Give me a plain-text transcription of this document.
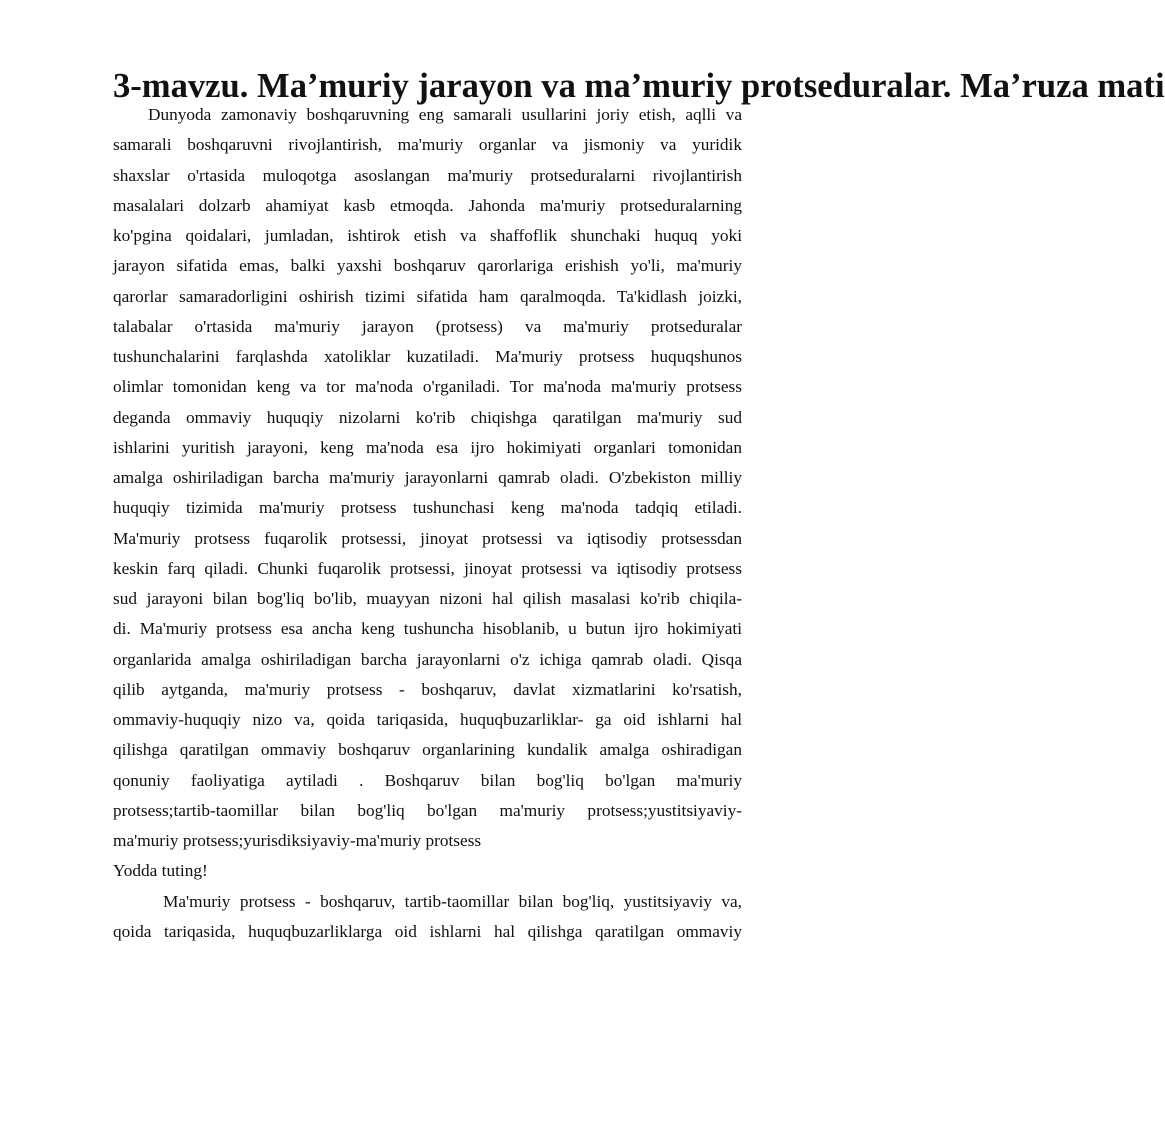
3-mavzu. Ma’muriy jarayon va ma’muriy protseduralar. Ma’ruza mati
Dunyoda zamonaviy boshqaruvning eng samarali usullarini joriy etish, aqlli va
samarali boshqaruvni rivojlantirish, ma'muriy organlar va jismoniy va yuridik
shaxslar o'rtasida muloqotga asoslangan ma'muriy protseduralarni rivojlantirish
masalalari dolzarb ahamiyat kasb etmoqda. Jahonda ma'muriy protseduralarning
ko'pgina qoidalari, jumladan, ishtirok etish va shaffoflik shunchaki huquq yoki
jarayon sifatida emas, balki yaxshi boshqaruv qarorlariga erishish yo'li, ma'muriy
qarorlar samaradorligini oshirish tizimi sifatida ham qaralmoqda. Ta'kidlash joizki,
talabalar o'rtasida ma'muriy jarayon (protsess) va ma'muriy protseduralar
tushunchalarini farqlashda xatoliklar kuzatiladi. Ma'muriy protsess huquqshunos
olimlar tomonidan keng va tor ma'noda o'rganiladi. Tor ma'noda ma'muriy protsess
deganda ommaviy huquqiy nizolarni ko'rib chiqishga qaratilgan ma'muriy sud
ishlarini yuritish jarayoni, keng ma'noda esa ijro hokimiyati organlari tomonidan
amalga oshiriladigan barcha ma'muriy jarayonlarni qamrab oladi. O'zbekiston milliy
huquqiy tizimida ma'muriy protsess tushunchasi keng ma'noda tadqiq etiladi.
Ma'muriy protsess fuqarolik protsessi, jinoyat protsessi va iqtisodiy protsessdan
keskin farq qiladi. Chunki fuqarolik protsessi, jinoyat protsessi va iqtisodiy protsess
sud jarayoni bilan bog'liq bo'lib, muayyan nizoni hal qilish masalasi ko'rib chiqila-
di. Ma'muriy protsess esa ancha keng tushuncha hisoblanib, u butun ijro hokimiyati
organlarida amalga oshiriladigan barcha jarayonlarni o'z ichiga qamrab oladi. Qisqa
qilib aytganda, ma'muriy protsess - boshqaruv, davlat xizmatlarini ko'rsatish,
ommaviy-huquqiy nizo va, qoida tariqasida, huquqbuzarliklar- ga oid ishlarni hal
qilishga qaratilgan ommaviy boshqaruv organlarining kundalik amalga oshiradigan
qonuniy faoliyatiga aytiladi . Boshqaruv bilan bog'liq bo'lgan ma'muriy
protsess;tartib-taomillar bilan bog'liq bo'lgan ma'muriy protsess;yustitsiyaviy-
ma'muriy protsess;yurisdiksiyaviy-ma'muriy protsess
Yodda tuting!
Ma'muriy protsess - boshqaruv, tartib-taomillar bilan bog'liq, yustitsiyaviy va,
qoida tariqasida, huquqbuzarliklarga oid ishlarni hal qilishga qaratilgan ommaviy
